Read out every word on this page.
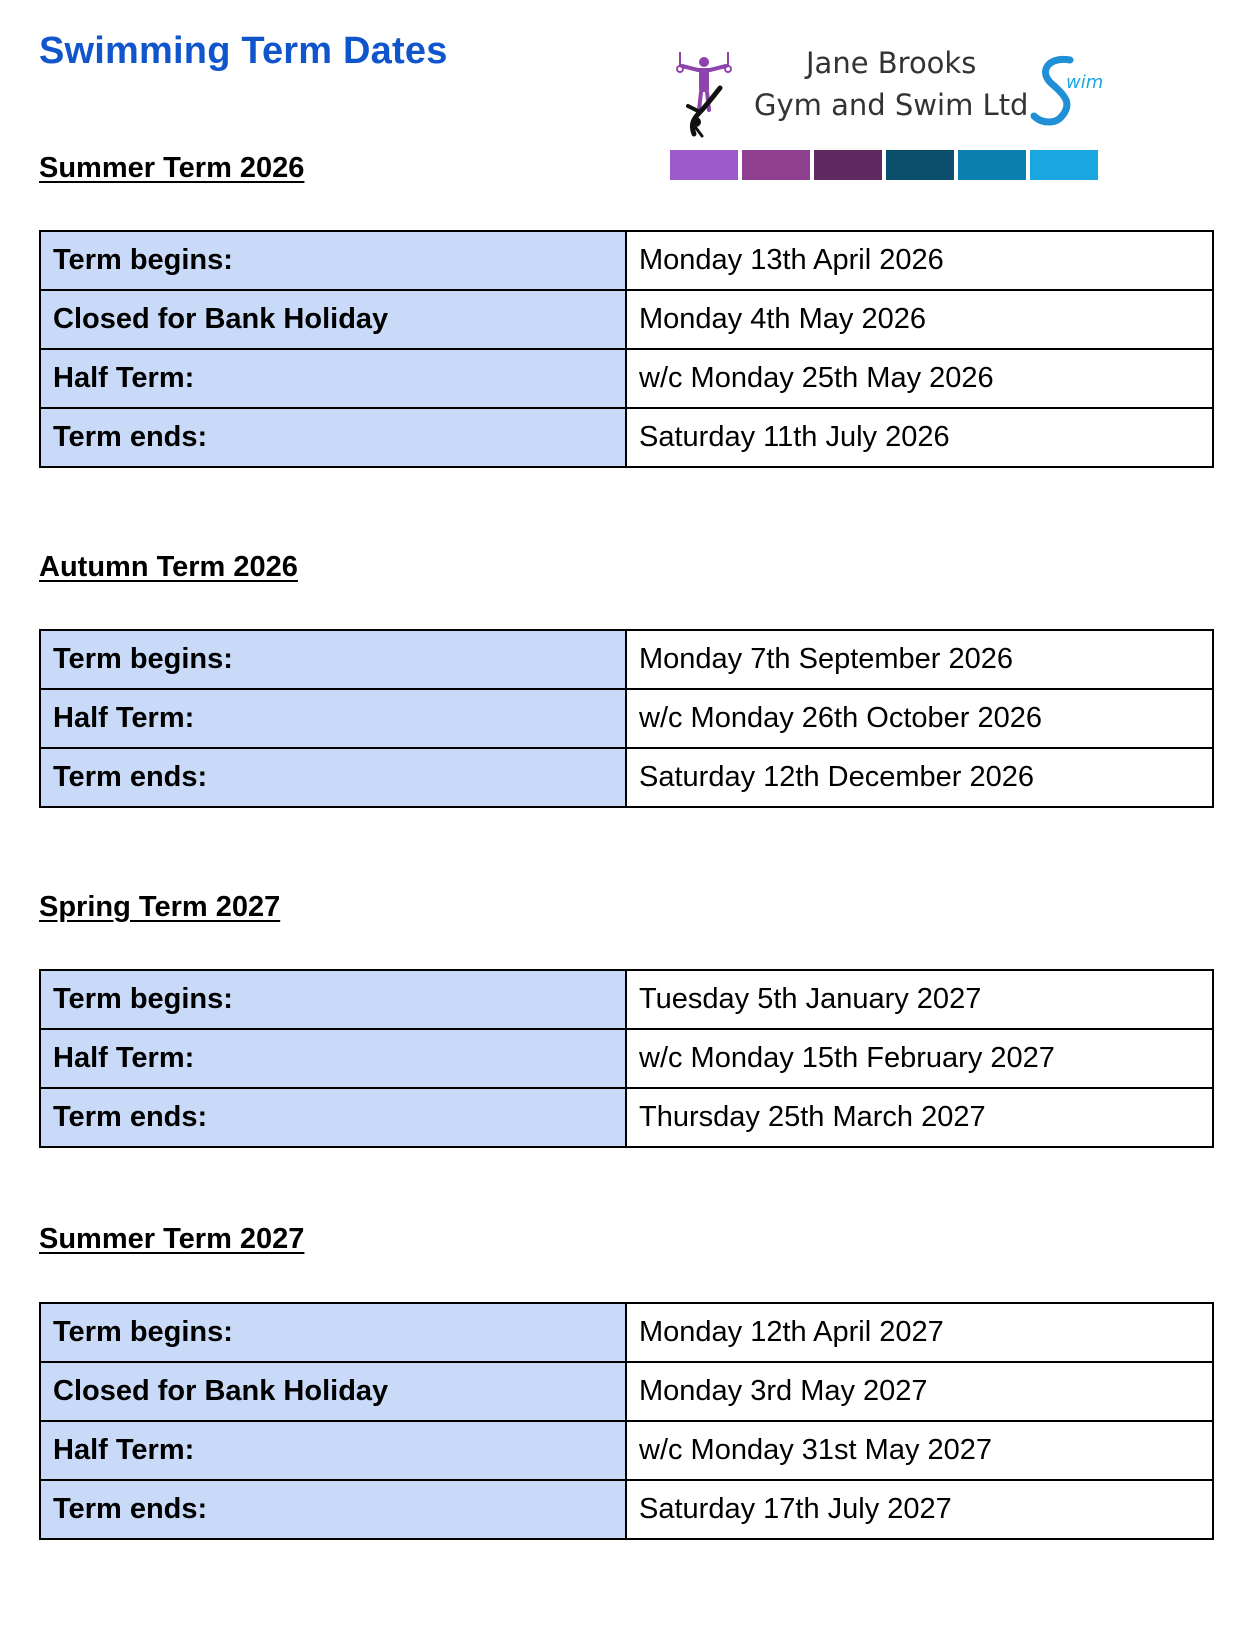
Swimming Term Dates	Jane Brooks
Gym and Swim Ltd
wim
Summer Term 2026
Term begins:	Monday 13th April 2026
Closed for Bank Holiday	Monday 4th May 2026
Half Term:	w/c Monday 25th May 2026
Term ends:	Saturday 11th July 2026
Autumn Term 2026
Term begins:	Monday 7th September 2026
Half Term:	w/c Monday 26th October 2026
Term ends:	Saturday 12th December 2026
Spring Term 2027
Term begins:	Tuesday 5th January 2027
Half Term:	w/c Monday 15th February 2027
Term ends:	Thursday 25th March 2027
Summer Term 2027
Term begins:	Monday 12th April 2027
Closed for Bank Holiday	Monday 3rd May 2027
Half Term:	w/c Monday 31st May 2027
Term ends:	Saturday 17th July 2027
